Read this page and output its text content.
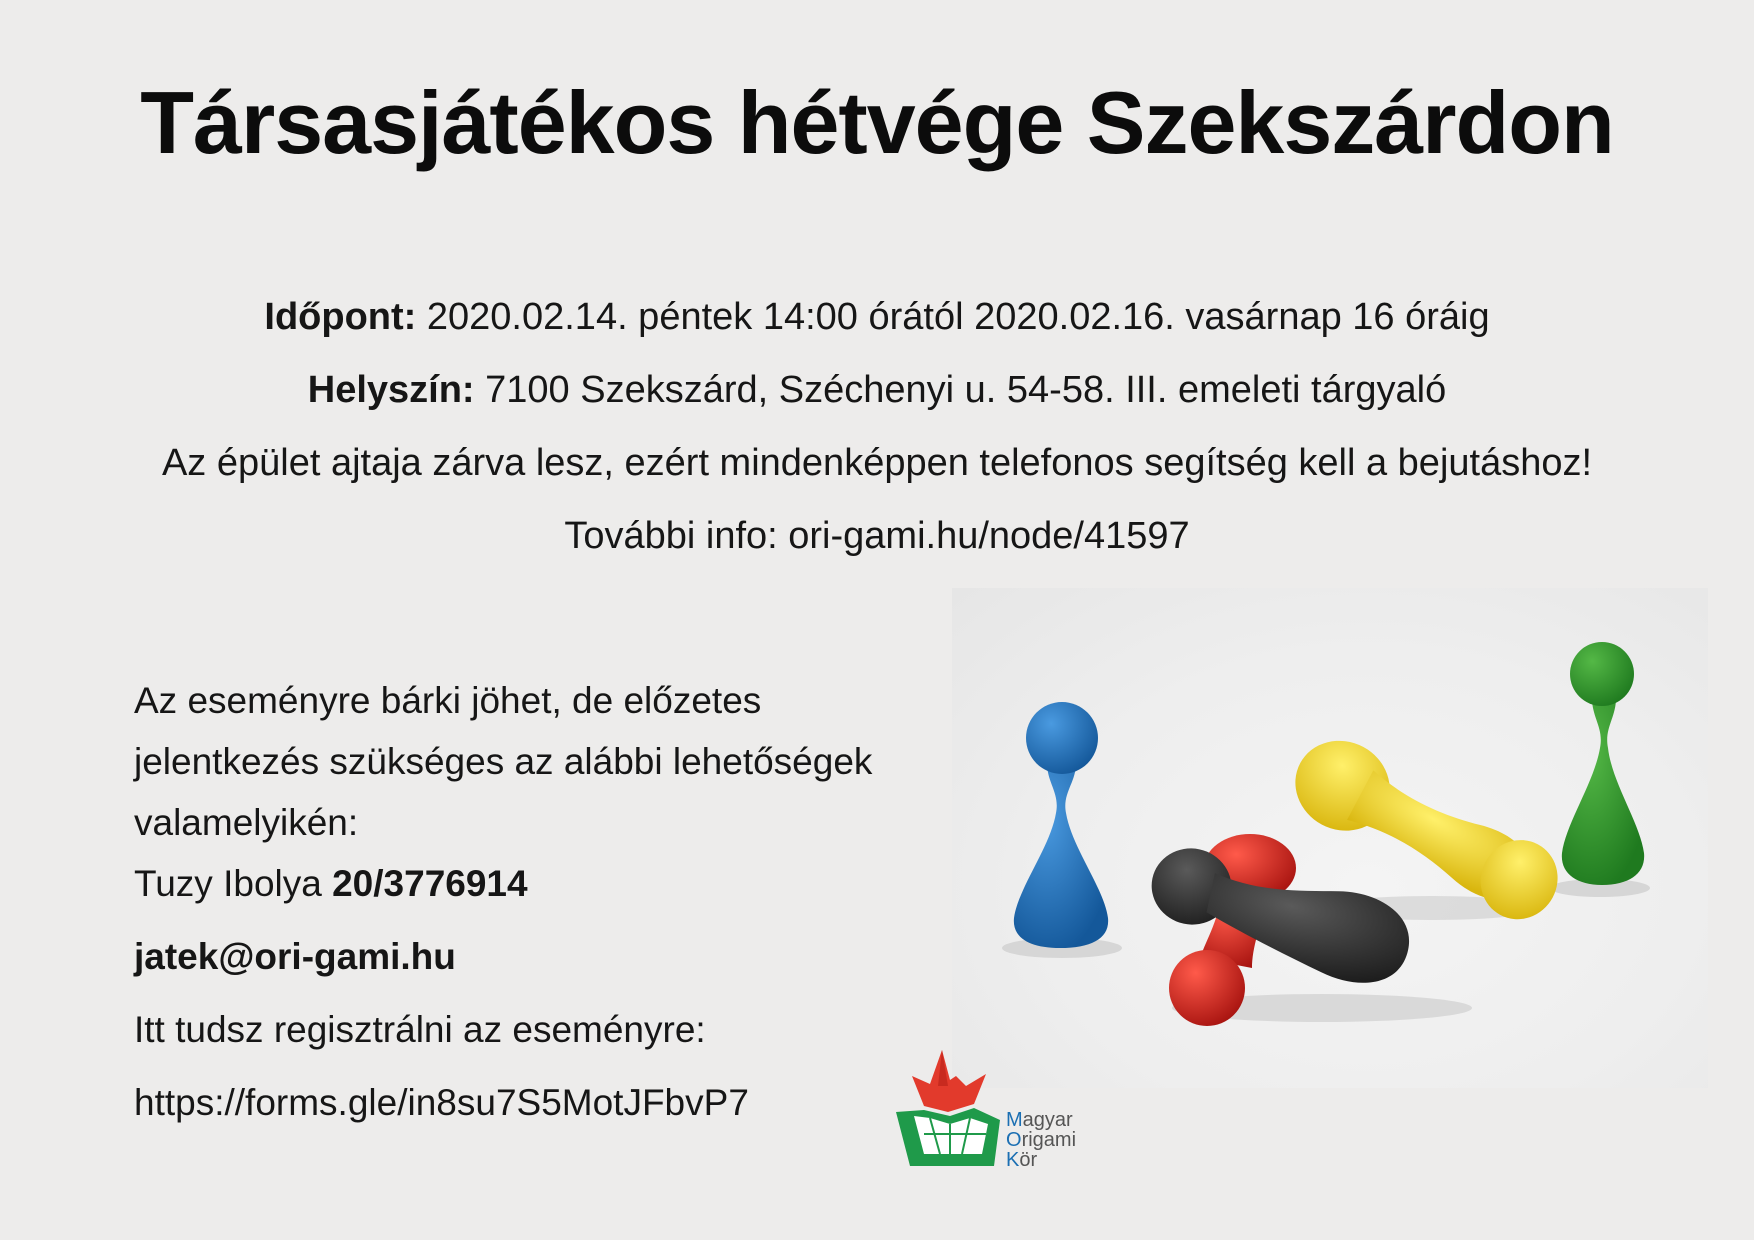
Társasjátékos hétvége Szekszárdon
Időpont: 2020.02.14. péntek 14:00 órától 2020.02.16. vasárnap 16 óráig
Helyszín: 7100 Szekszárd, Széchenyi u. 54-58. III. emeleti tárgyaló
Az épület ajtaja zárva lesz, ezért mindenképpen telefonos segítség kell a bejutáshoz!
További info: ori-gami.hu/node/41597
Az eseményre bárki jöhet, de előzetes jelentkezés szükséges az alábbi lehetőségek valamelyikén:
Tuzy Ibolya 20/3776914
jatek@ori-gami.hu
Itt tudsz regisztrálni az eseményre:
https://forms.gle/in8su7S5MotJFbvP7	Magyar
Origami
Kör
